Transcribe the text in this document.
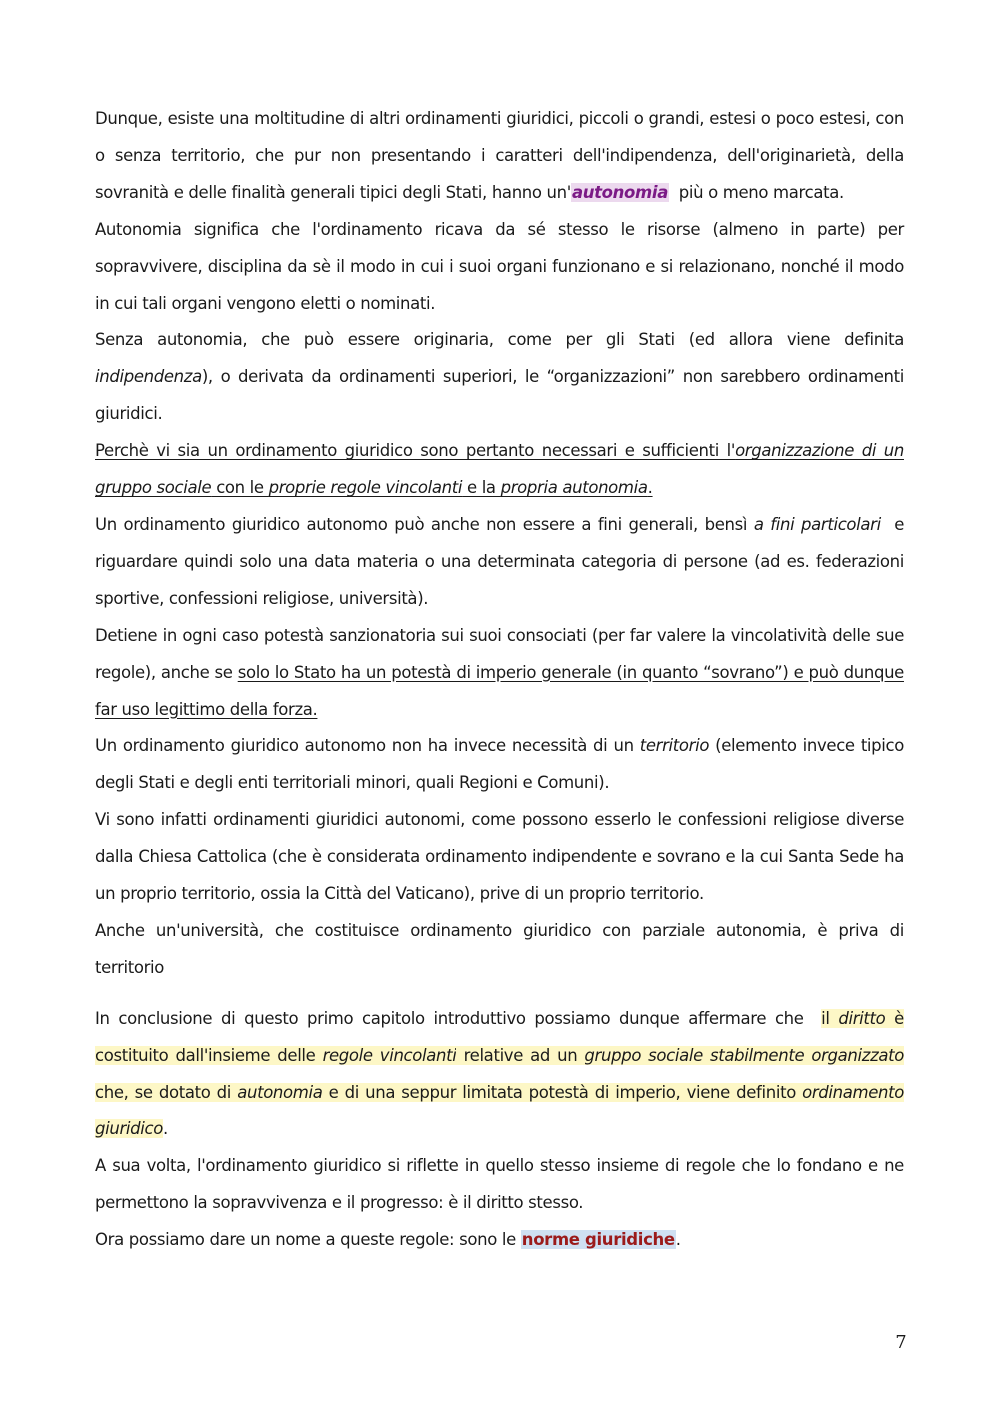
Dunque, esiste una moltitudine di altri ordinamenti giuridici, piccoli o grandi, estesi o poco estesi, con o senza territorio, che pur non presentando i caratteri dell'indipendenza, dell'originarietà, della sovranità e delle finalità generali tipici degli Stati, hanno un'autonomia  più o meno marcata.

Autonomia significa che l'ordinamento ricava da sé stesso le risorse (almeno in parte) per sopravvivere, disciplina da sè il modo in cui i suoi organi funzionano e si relazionano, nonché il modo in cui tali organi vengono eletti o nominati.

Senza autonomia, che può essere originaria, come per gli Stati (ed allora viene definita indipendenza), o derivata da ordinamenti superiori, le “organizzazioni” non sarebbero ordinamenti giuridici.

Perchè vi sia un ordinamento giuridico sono pertanto necessari e sufficienti l'organizzazione di un gruppo sociale con le proprie regole vincolanti e la propria autonomia.

Un ordinamento giuridico autonomo può anche non essere a fini generali, bensì a fini particolari  e riguardare quindi solo una data materia o una determinata categoria di persone (ad es. federazioni sportive, confessioni religiose, università).

Detiene in ogni caso potestà sanzionatoria sui suoi consociati (per far valere la vincolatività delle sue regole), anche se solo lo Stato ha un potestà di imperio generale (in quanto “sovrano”) e può dunque far uso legittimo della forza.

Un ordinamento giuridico autonomo non ha invece necessità di un territorio (elemento invece tipico degli Stati e degli enti territoriali minori, quali Regioni e Comuni).

Vi sono infatti ordinamenti giuridici autonomi, come possono esserlo le confessioni religiose diverse dalla Chiesa Cattolica (che è considerata ordinamento indipendente e sovrano e la cui Santa Sede ha un proprio territorio, ossia la Città del Vaticano), prive di un proprio territorio.

Anche un'università, che costituisce ordinamento giuridico con parziale autonomia, è priva di territorio

In conclusione di questo primo capitolo introduttivo possiamo dunque affermare che  il diritto è costituito dall'insieme delle regole vincolanti relative ad un gruppo sociale stabilmente organizzato che, se dotato di autonomia e di una seppur limitata potestà di imperio, viene definito ordinamento giuridico.

A sua volta, l'ordinamento giuridico si riflette in quello stesso insieme di regole che lo fondano e ne permettono la sopravvivenza e il progresso: è il diritto stesso.

Ora possiamo dare un nome a queste regole: sono le norme giuridiche.

7
